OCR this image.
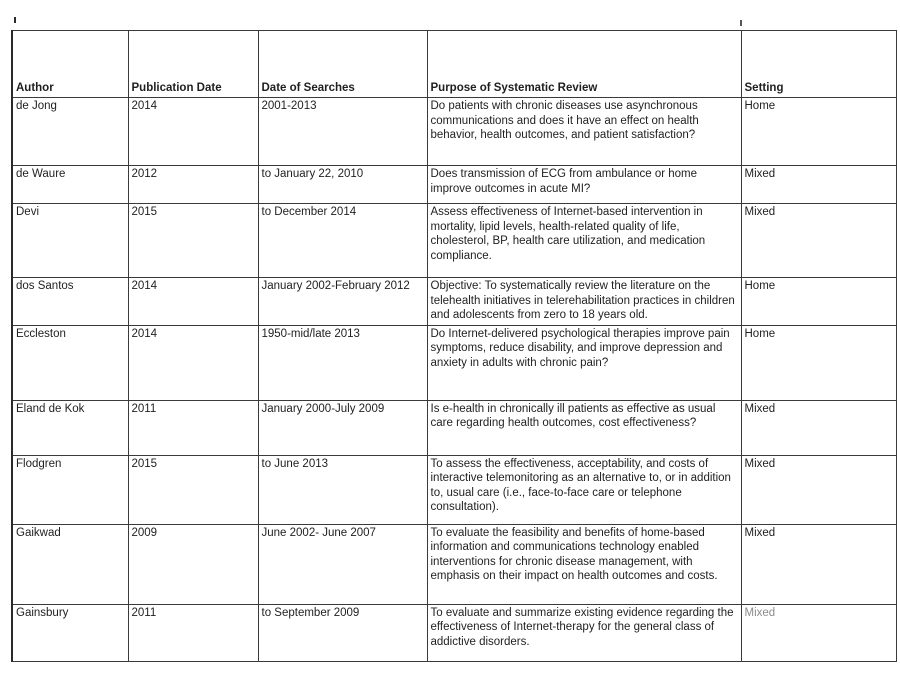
Author	Publication Date	Date of Searches	Purpose of Systematic Review	Setting
de Jong	2014	2001-2013	Do patients with chronic diseases use asynchronous communications and does it have an effect on health behavior, health outcomes, and patient satisfaction?	Home
de Waure	2012	to January 22, 2010	Does transmission of ECG from ambulance or home improve outcomes in acute MI?	Mixed
Devi	2015	to December 2014	Assess effectiveness of Internet-based intervention in mortality, lipid levels, health-related quality of life, cholesterol, BP, health care utilization, and medication compliance.	Mixed
dos Santos	2014	January 2002-February 2012	Objective: To systematically review the literature on the telehealth initiatives in telerehabilitation practices in children and adolescents from zero to 18 years old.	Home
Eccleston	2014	1950-mid/late 2013	Do Internet-delivered psychological therapies improve pain symptoms, reduce disability, and improve depression and anxiety in adults with chronic pain?	Home
Eland de Kok	2011	January 2000-July 2009	Is e-health in chronically ill patients as effective as usual care regarding health outcomes, cost effectiveness?	Mixed
Flodgren	2015	to June 2013	To assess the effectiveness, acceptability, and costs of interactive telemonitoring as an alternative to, or in addition to, usual care (i.e., face-to-face care or telephone consultation).	Mixed
Gaikwad	2009	June 2002- June 2007	To evaluate the feasibility and benefits of home-based information and communications technology enabled interventions for chronic disease management, with emphasis on their impact on health outcomes and costs.	Mixed
Gainsbury	2011	to September 2009	To evaluate and summarize existing evidence regarding the effectiveness of Internet-therapy for the general class of addictive disorders.	Mixed
